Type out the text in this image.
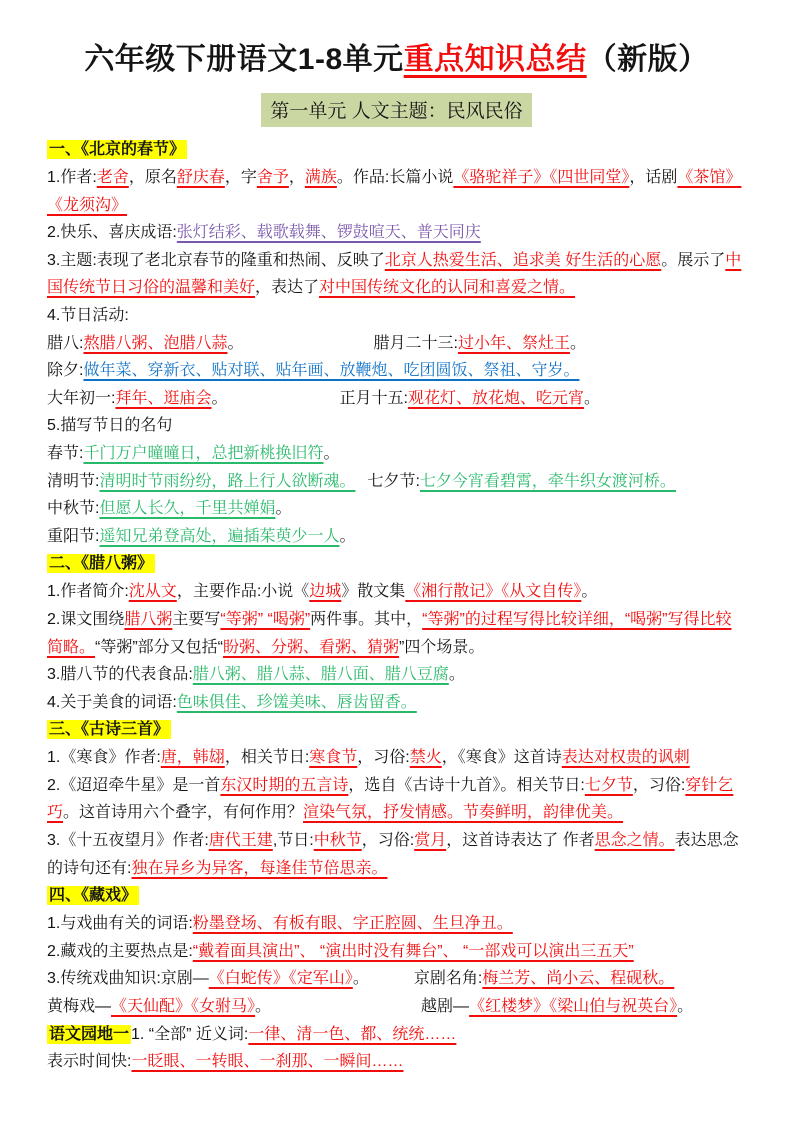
六年级下册语文1-8单元重点知识总结（新版）
第一单元 人文主题：民风民俗
一、《北京的春节》
1.作者:老舍，原名舒庆春，字舍予，满族。作品:长篇小说《骆驼祥子》《四世同堂》，话剧《茶馆》《龙须沟》
2.快乐、喜庆成语:张灯结彩、载歌载舞、锣鼓喧天、普天同庆
3.主题:表现了老北京春节的隆重和热闹、反映了北京人热爱生活、追求美 好生活的心愿。展示了中国传统节日习俗的温馨和美好，表达了对中国传统文化的认同和喜爱之情。
4.节日活动:
腊八:熬腊八粥、泡腊八蒜。	腊月二十三:过小年、祭灶王。
除夕:做年菜、穿新衣、贴对联、贴年画、放鞭炮、吃团圆饭、祭祖、守岁。
大年初一:拜年、逛庙会。	正月十五:观花灯、放花炮、吃元宵。
5.描写节日的名句
春节:千门万户曈曈日，总把新桃换旧符。
清明节:清明时节雨纷纷，路上行人欲断魂。 七夕节:七夕今宵看碧霄，牵牛织女渡河桥。
中秋节:但愿人长久，千里共婵娟。
重阳节:遥知兄弟登高处，遍插茱萸少一人。
二、《腊八粥》
1.作者简介:沈从文，主要作品:小说《边城》散文集《湘行散记》《从文自传》。
2.课文围绕腊八粥主要写“等粥” “喝粥”两件事。其中，“等粥”的过程写得比较详细，“喝粥”写得比较简略。“等粥”部分又包括“盼粥、分粥、看粥、猜粥”四个场景。
3.腊八节的代表食品:腊八粥、腊八蒜、腊八面、腊八豆腐。
4.关于美食的词语:色味俱佳、珍馐美味、唇齿留香。
三、《古诗三首》
1.《寒食》作者:唐，韩翃，相关节日:寒食节，习俗:禁火，《寒食》这首诗表达对权贵的讽刺
2.《迢迢牵牛星》是一首东汉时期的五言诗，选自《古诗十九首》。相关节日:七夕节，习俗:穿针乞巧。这首诗用六个叠字，有何作用？渲染气氛，抒发情感。节奏鲜明，韵律优美。
3.《十五夜望月》作者:唐代王建,节日:中秋节，习俗:赏月，这首诗表达了 作者思念之情。表达思念的诗句还有:独在异乡为异客，每逢佳节倍思亲。
四、《藏戏》
1.与戏曲有关的词语:粉墨登场、有板有眼、字正腔圆、生旦净丑。
2.藏戏的主要热点是:“戴着面具演出”、 “演出时没有舞台”、 “一部戏可以演出三五天”
3.传统戏曲知识:京剧—《白蛇传》《定军山》。	京剧名角:梅兰芳、尚小云、程砚秋。
黄梅戏—《天仙配》《女驸马》。	越剧—《红楼梦》《梁山伯与祝英台》。
语文园地一 1. “全部” 近义词:一律、清一色、都、统统……
表示时间快:一眨眼、一转眼、一刹那、一瞬间……
